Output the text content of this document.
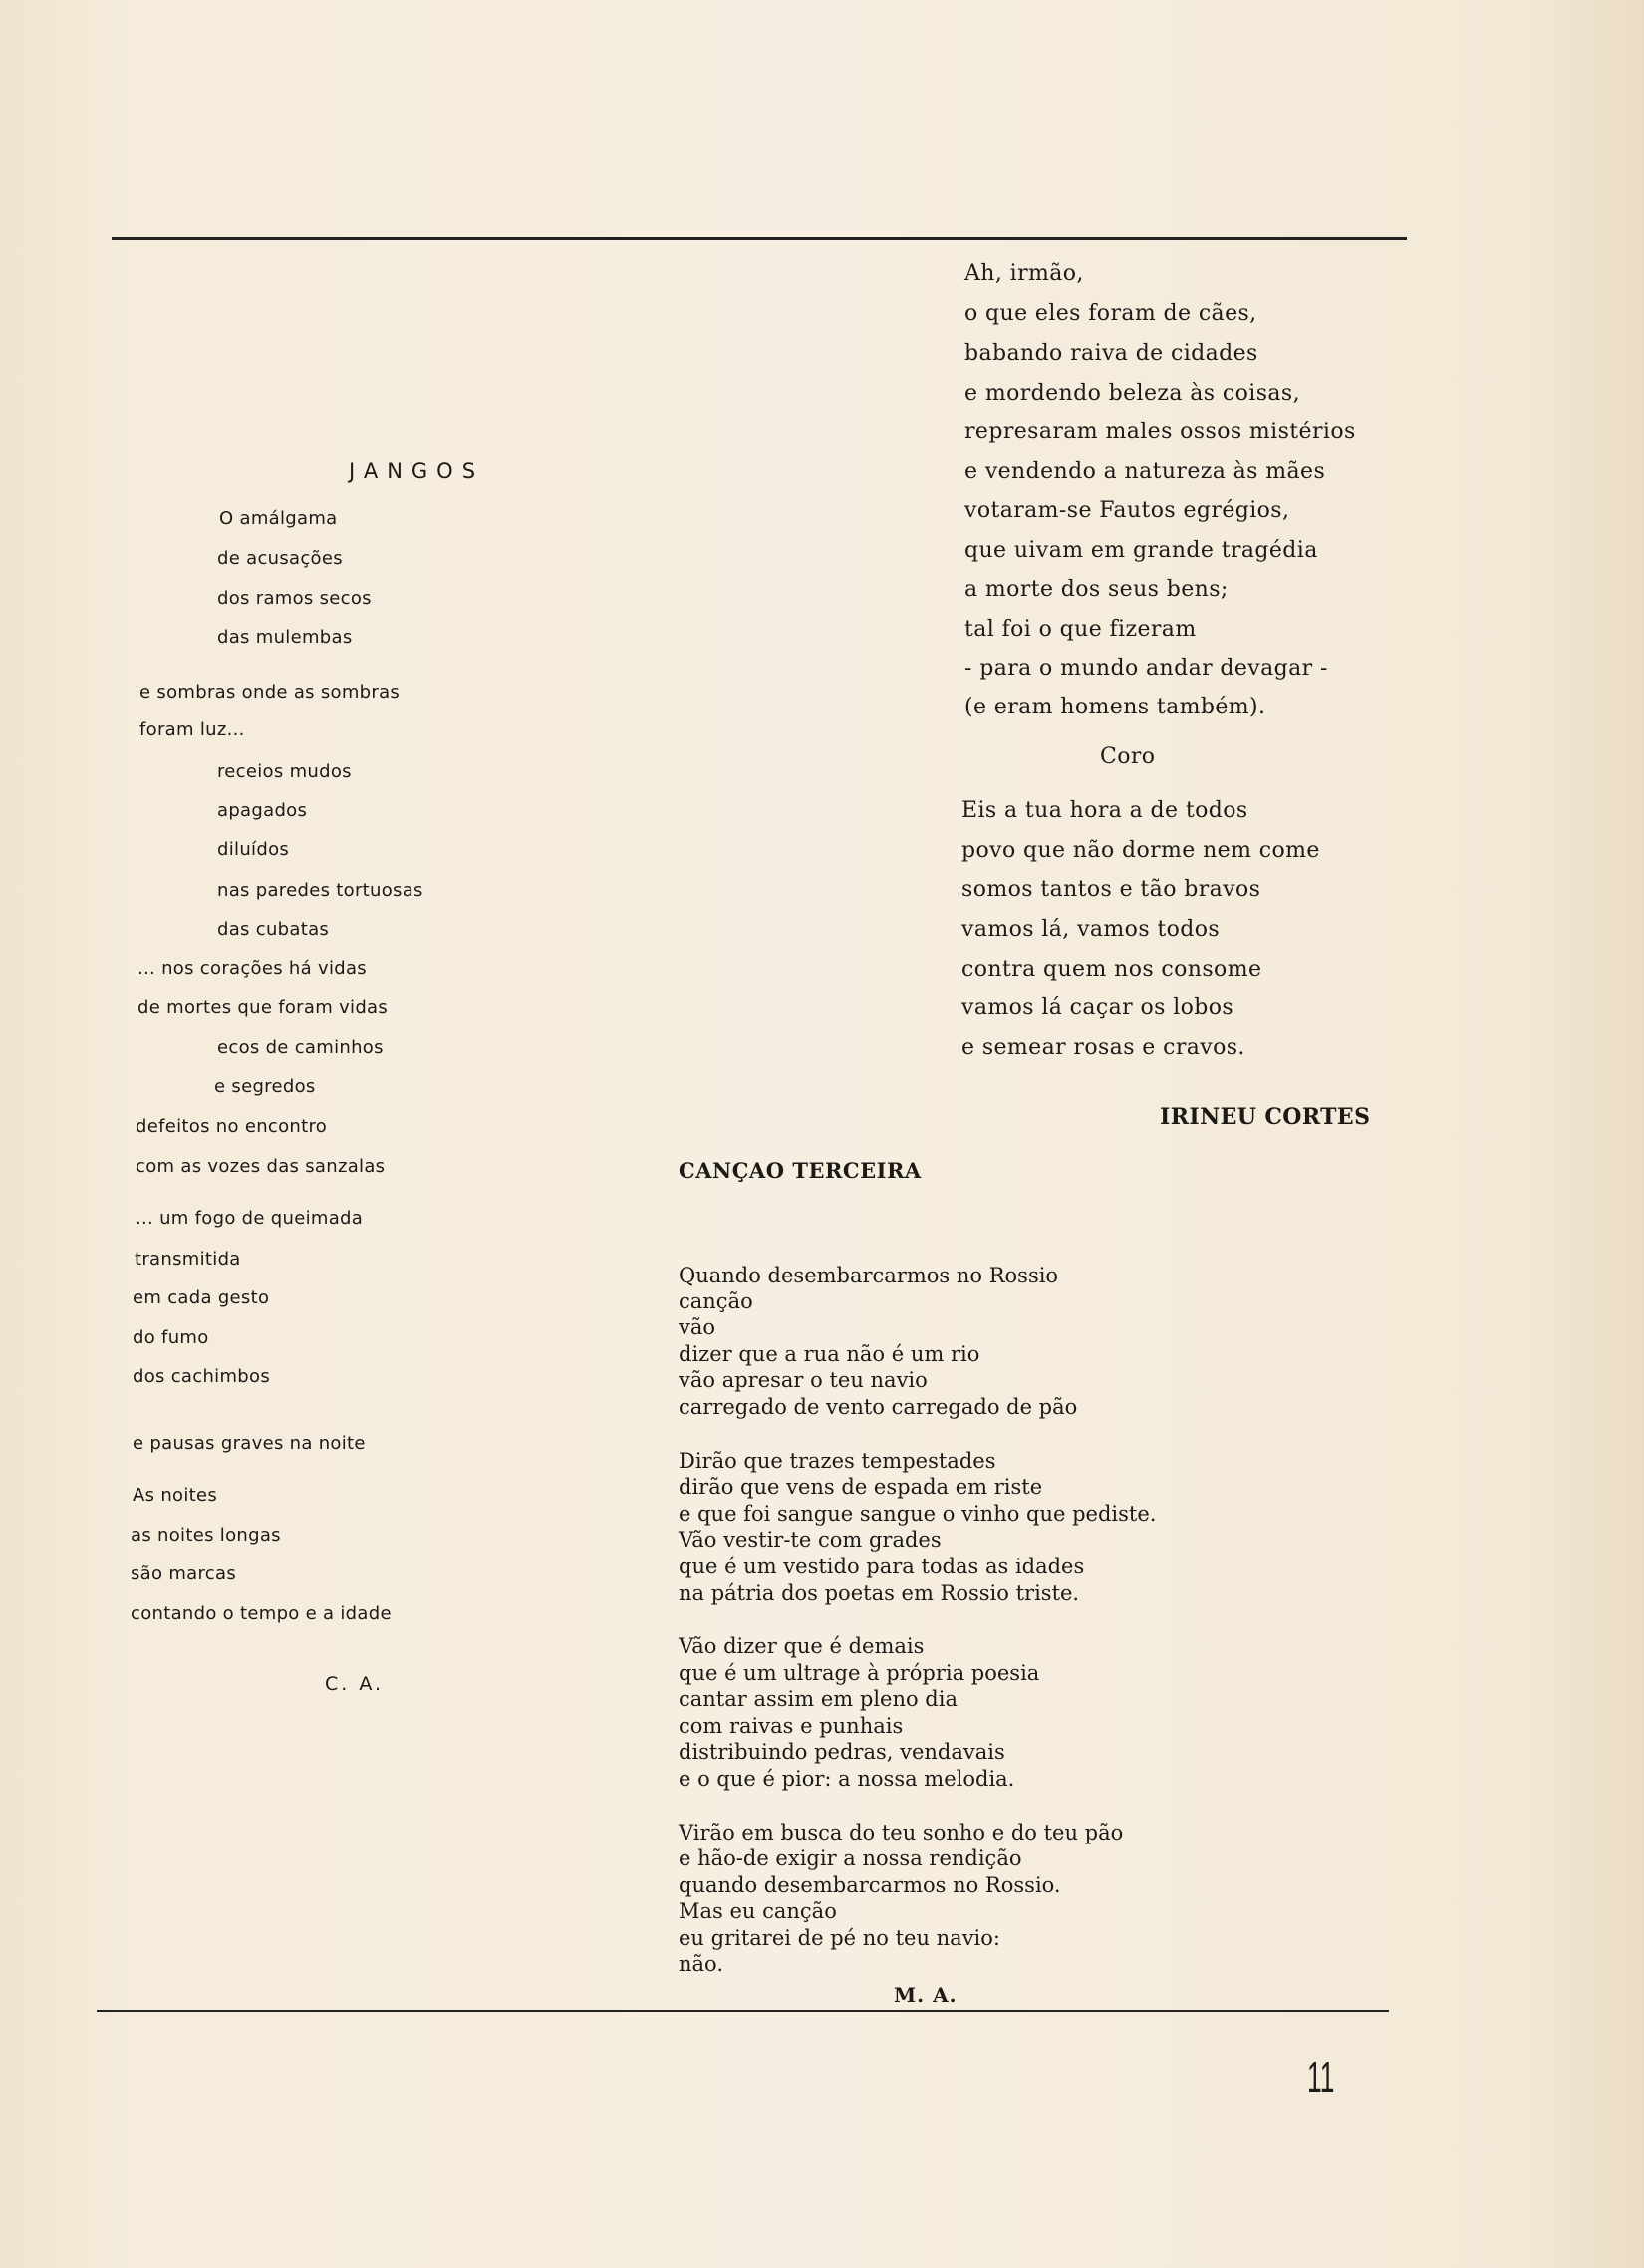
JANGOS
O amálgama
de acusações
dos ramos secos
das mulembas
e sombras onde as sombras
foram luz...
receios mudos
apagados
diluídos
nas paredes tortuosas
das cubatas
... nos corações há vidas
de mortes que foram vidas
ecos de caminhos
e segredos
defeitos no encontro
com as vozes das sanzalas
... um fogo de queimada
transmitida
em cada gesto
do fumo
dos cachimbos
e pausas graves na noite
As noites
as noites longas
são marcas
contando o tempo e a idade
C. A.
Ah, irmão,
o que eles foram de cães,
babando raiva de cidades
e mordendo beleza às coisas,
represaram males ossos mistérios
e vendendo a natureza às mães
votaram-se Fautos egrégios,
que uivam em grande tragédia
a morte dos seus bens;
tal foi o que fizeram
- para o mundo andar devagar -
(e eram homens também).
Coro
Eis a tua hora a de todos
povo que não dorme nem come
somos tantos e tão bravos
vamos lá, vamos todos
contra quem nos consome
vamos lá caçar os lobos
e semear rosas e cravos.
IRINEU CORTES
CANÇAO TERCEIRA
Quando desembarcarmos no Rossio
canção
vão
dizer que a rua não é um rio
vão apresar o teu navio
carregado de vento carregado de pão
Dirão que trazes tempestades
dirão que vens de espada em riste
e que foi sangue sangue o vinho que pediste.
Vão vestir-te com grades
que é um vestido para todas as idades
na pátria dos poetas em Rossio triste.
Vão dizer que é demais
que é um ultrage à própria poesia
cantar assim em pleno dia
com raivas e punhais
distribuindo pedras, vendavais
e o que é pior: a nossa melodia.
Virão em busca do teu sonho e do teu pão
e hão-de exigir a nossa rendição
quando desembarcarmos no Rossio.
Mas eu canção
eu gritarei de pé no teu navio:
não.
M. A.
11
